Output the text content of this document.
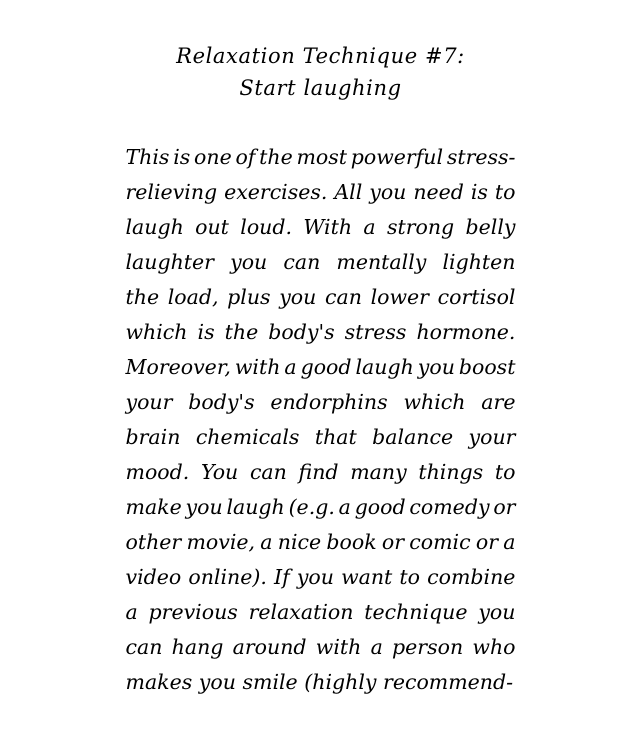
Relaxation Technique #7:
Start laughing
This is one of the most powerful stress-
relieving exercises. All you need is to
laugh out loud. With a strong belly
laughter you can mentally lighten
the load, plus you can lower cortisol
which is the body's stress hormone.
Moreover, with a good laugh you boost
your body's endorphins which are
brain chemicals that balance your
mood. You can find many things to
make you laugh (e.g. a good comedy or
other movie, a nice book or comic or a
video online). If you want to combine
a previous relaxation technique you
can hang around with a person who
makes you smile (highly recommend-
